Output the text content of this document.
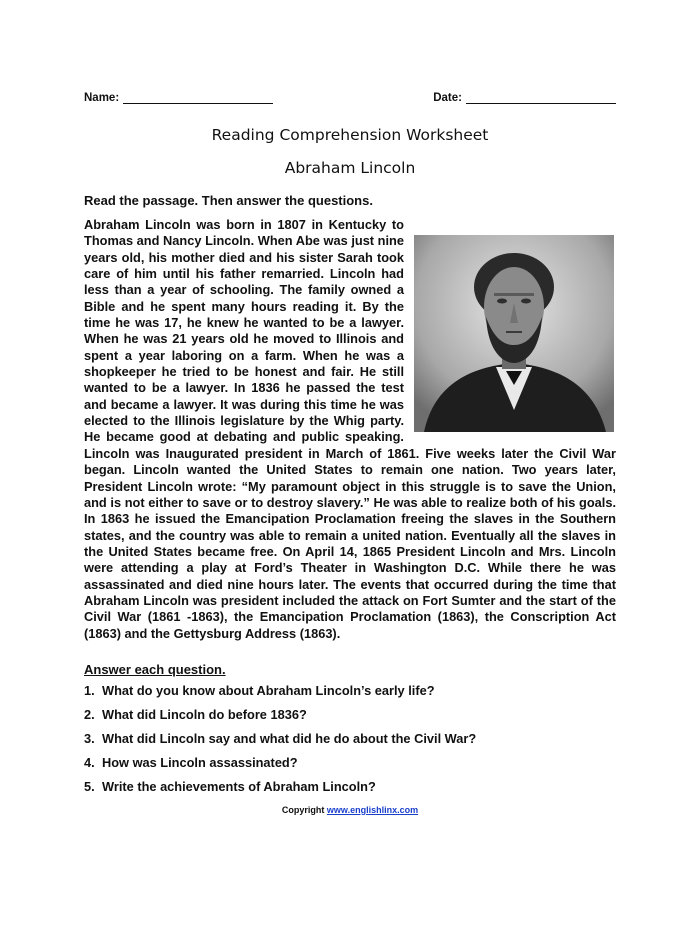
Name:	Date:
Reading Comprehension Worksheet
Abraham Lincoln
Read the passage. Then answer the questions.
Abraham Lincoln was born in 1807 in Kentucky to Thomas and Nancy Lincoln. When Abe was just nine years old, his mother died and his sister Sarah took care of him until his father remarried. Lincoln had less than a year of schooling. The family owned a Bible and he spent many hours reading it. By the time he was 17, he knew he wanted to be a lawyer. When he was 21 years old he moved to Illinois and spent a year laboring on a farm. When he was a shopkeeper he tried to be honest and fair. He still wanted to be a lawyer. In 1836 he passed the test and became a lawyer. It was during this time he was elected to the Illinois legislature by the Whig party. He became good at debating and public speaking. Lincoln was Inaugurated president in March of 1861. Five weeks later the Civil War began. Lincoln wanted the United States to remain one nation. Two years later, President Lincoln wrote: “My paramount object in this struggle is to save the Union, and is not either to save or to destroy slavery.” He was able to realize both of his goals. In 1863 he issued the Emancipation Proclamation freeing the slaves in the Southern states, and the country was able to remain a united nation. Eventually all the slaves in the United States became free. On April 14, 1865 President Lincoln and Mrs. Lincoln were attending a play at Ford’s Theater in Washington D.C. While there he was assassinated and died nine hours later. The events that occurred during the time that Abraham Lincoln was president included the attack on Fort Sumter and the start of the Civil War (1861 -1863), the Emancipation Proclamation (1863), the Conscription Act (1863) and the Gettysburg Address (1863).
Answer each question.
1. What do you know about Abraham Lincoln’s early life?
2. What did Lincoln do before 1836?
3. What did Lincoln say and what did he do about the Civil War?
4. How was Lincoln assassinated?
5. Write the achievements of Abraham Lincoln?
Copyright www.englishlinx.com
